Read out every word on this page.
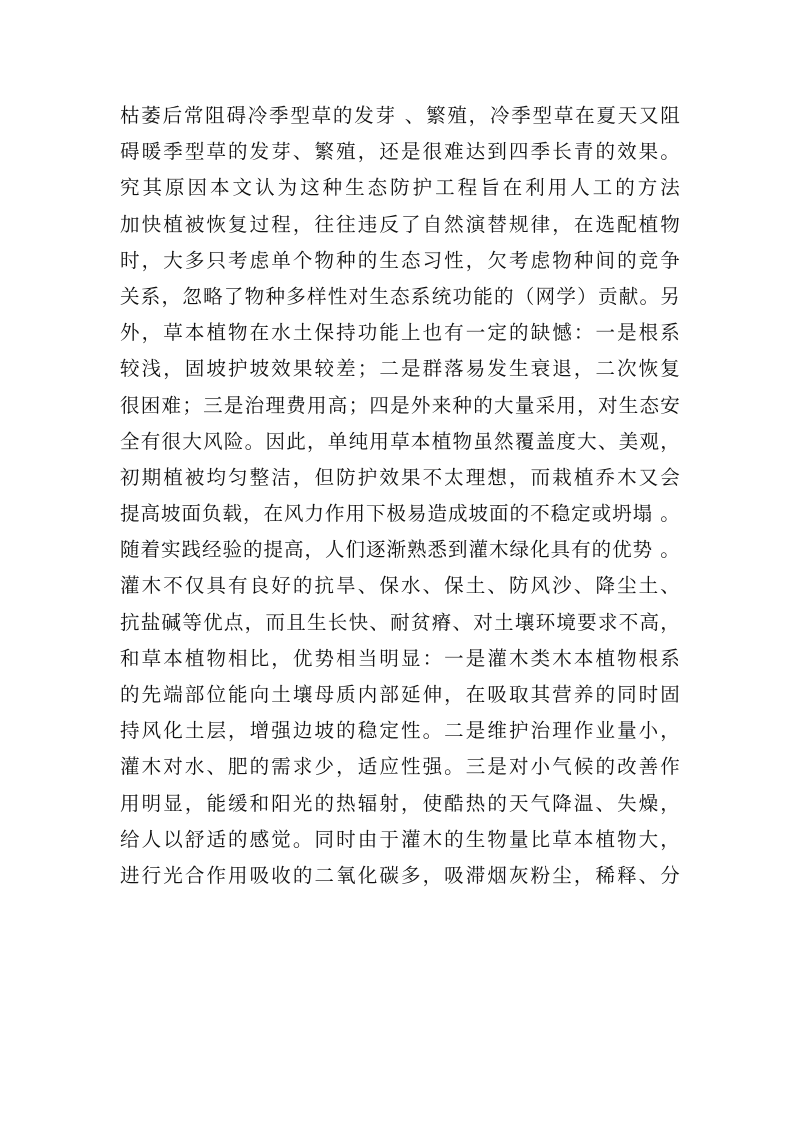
枯萎后常阻碍冷季型草的发芽 、繁殖，冷季型草在夏天又阻
碍暖季型草的发芽、繁殖，还是很难达到四季长青的效果。
究其原因本文认为这种生态防护工程旨在利用人工的方法
加快植被恢复过程，往往违反了自然演替规律，在选配植物
时，大多只考虑单个物种的生态习性，欠考虑物种间的竞争
关系，忽略了物种多样性对生态系统功能的（网学）贡献。另
外，草本植物在水土保持功能上也有一定的缺憾：一是根系
较浅，固坡护坡效果较差；二是群落易发生衰退，二次恢复
很困难；三是治理费用高；四是外来种的大量采用，对生态安
全有很大风险。因此，单纯用草本植物虽然覆盖度大、美观，
初期植被均匀整洁，但防护效果不太理想，而栽植乔木又会
提高坡面负载，在风力作用下极易造成坡面的不稳定或坍塌 。
随着实践经验的提高，人们逐渐熟悉到灌木绿化具有的优势 。
灌木不仅具有良好的抗旱、保水、保土、防风沙、降尘土、
抗盐碱等优点，而且生长快、耐贫瘠、对土壤环境要求不高，
和草本植物相比，优势相当明显：一是灌木类木本植物根系
的先端部位能向土壤母质内部延伸，在吸取其营养的同时固
持风化土层，增强边坡的稳定性。二是维护治理作业量小，
灌木对水、肥的需求少，适应性强。三是对小气候的改善作
用明显，能缓和阳光的热辐射，使酷热的天气降温、失燥，
给人以舒适的感觉。同时由于灌木的生物量比草本植物大，
进行光合作用吸收的二氧化碳多，吸滞烟灰粉尘，稀释、分
